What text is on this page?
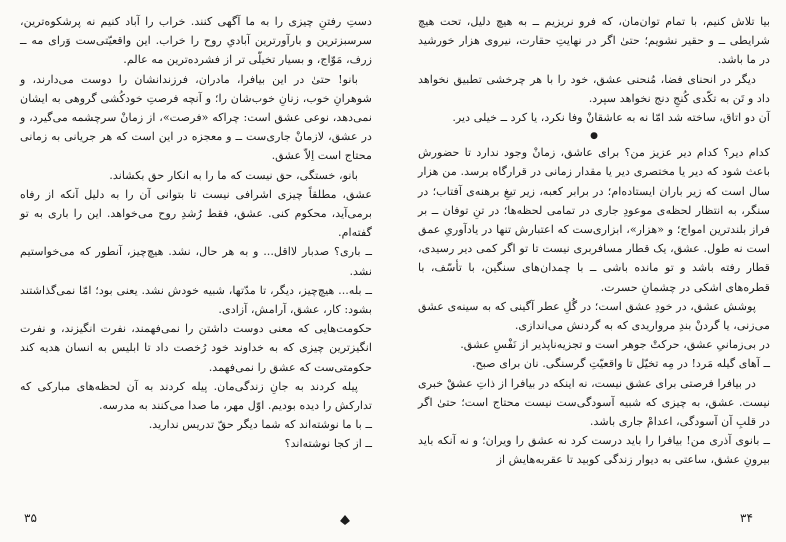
دستِ رفتنِ چیزی را به ما آگهی کنند. خراب را آباد کنیم نه پرشکوه‌ترین، سرسبزترین و بارآورترین آبادیِ روح را خراب. این واقعیّتی‌ست وَرای مه ــ زرف، مَوّاج، و بسیار تخیلّی تر از فشرده‌ترین مه عالم.

بانو! حتیٰ در این بیافرا، مادران، فرزندانشان را دوست می‌دارند، و شوهرانِ خوب، زنانِ خوب‌شان را؛ و آنچه فرصتِ خودکُشی گروهی به ایشان نمی‌دهد، نوعی عشق است: چراکه «فرصت»، از زمانْ سرچشمه می‌گیرد، و در عشق، لازمانْ جاری‌ست ــ و معجزه در این است که هر جریانی به زمانی محتاج است اِلاّ عشق.

بانو، خستگی، حق نیست که ما را به انکار حق بکشاند.

عشق، مطلقاً چیزی اشرافی نیست تا بتوانی آن را به دلیل آنکه از رفاه برمی‌آید، محکوم کنی. عشق، فقط رُشدِ روح می‌خواهد. این را باری به تو گفته‌ام.

ــ باری؟ صدبار لااقل... و به هر حال، نشد. هیچ‌چیز، آنطور که می‌خواستیم نشد.

ــ بله... هیچ‌چیز، دیگر، تا مدّتها، شبیه خودش نشد. یعنی بود؛ امّا نمی‌گذاشتند بشود: کار، عشق، آرامش، آزادی.

حکومت‌هایی که معنی دوست داشتن را نمی‌فهمند، نفرت انگیزند، و نفرت انگیزترین چیزی که به خداوند خود رُخصت داد تا ابلیس به انسان هدیه کند حکومتی‌ست که عشق را نمی‌فهمد.

پیله کردند به جانِ زندگی‌مان. پیله کردند به آن لحظه‌های مبارکی که تدارکش را دیده بودیم. اوّل مهر، ما صدا می‌کنند به مدرسه.

ــ با ما نوشته‌اند که شما دیگر حقّ تدریس ندارید.

ــ از کجا نوشته‌اند؟

بیا تلاش کنیم، با تمام توان‌مان، که فرو نریزیم ــ به هیچ دلیل، تحت هیچ شرایطی ــ و حقیر نشویم؛ حتیٰ اگر در نهایتِ حقارت، نیروی هزار خورشید در ما باشد.

دیگر در انحنای فضا، مُنحنی عشق، خود را با هر چرخشی تطبیق نخواهد داد و تَن به تکّدی کُنجِ دنج نخواهد سپرد.

آن دو اتاق، ساخته شد امّا نه به عاشقانْ وفا نکرد، یا کرد ــ خیلی دیر.

●

کدام دیر؟ کدام دیر عزیز من؟ برای عاشق، زمانْ وجود ندارد تا حضورش باعث شود که دیر یا مختصری دیر یا مقدار زمانی در قرارگاه برسد. من هزار سال است که زیر باران ایستاده‌ام؛ در برابر کعبه، زیر تیغِ برهنه‌ی آفتاب؛ در سنگر، به انتظار لحظه‌ی موعودِ جاری در تمامی لحظه‌ها؛ در تنِ توفان ــ بر فراز بلندترین امواج؛ و «هزار»، ابزاری‌ست که اعتبارش تنها در یادآوریِ عمق است نه طول. عشق، یک قطار مسافربری نیست تا تو اگر کمی دیر رسیدی، قطار رفته باشد و تو مانده باشی ــ با چمدان‌های سنگین، با تأسّف، با قطره‌های اشکی در چشمانِ حسرت.

پوشش عشق، در خودِ عشق است؛ در گُلِ عطر آگینی که به سینه‌ی عشق می‌زنی، یا گردنْ بندِ مرواریدی که به گردنش می‌اندازی.

در بی‌زمانیِ عشق، حرکتْ جوهر است و تجزیه‌ناپذیر از نَفْسِ عشق.

ــ آهای گیله مَرد! در مِه تخیّل تا واقعیّتِ گرسنگی. نان برای صبح.

در بیافرا فرصتی برای عشق نیست، نه اینکه در بیافرا از ذاتِ عشقْ خبری نیست. عشق، به چیزی که شبیه آسودگی‌ست نیست محتاج است؛ حتیٰ اگر در قلبِ آن آسودگی، اعدامْ جاری باشد.

ــ بانوی آذری من! بیافرا را باید درست کرد نه عشق را ویران؛ و نه آنکه باید بیرونِ عشق، ساعتی به دیوار زندگی کوبید تا عقربه‌هایش از

۳۵	۳۴
